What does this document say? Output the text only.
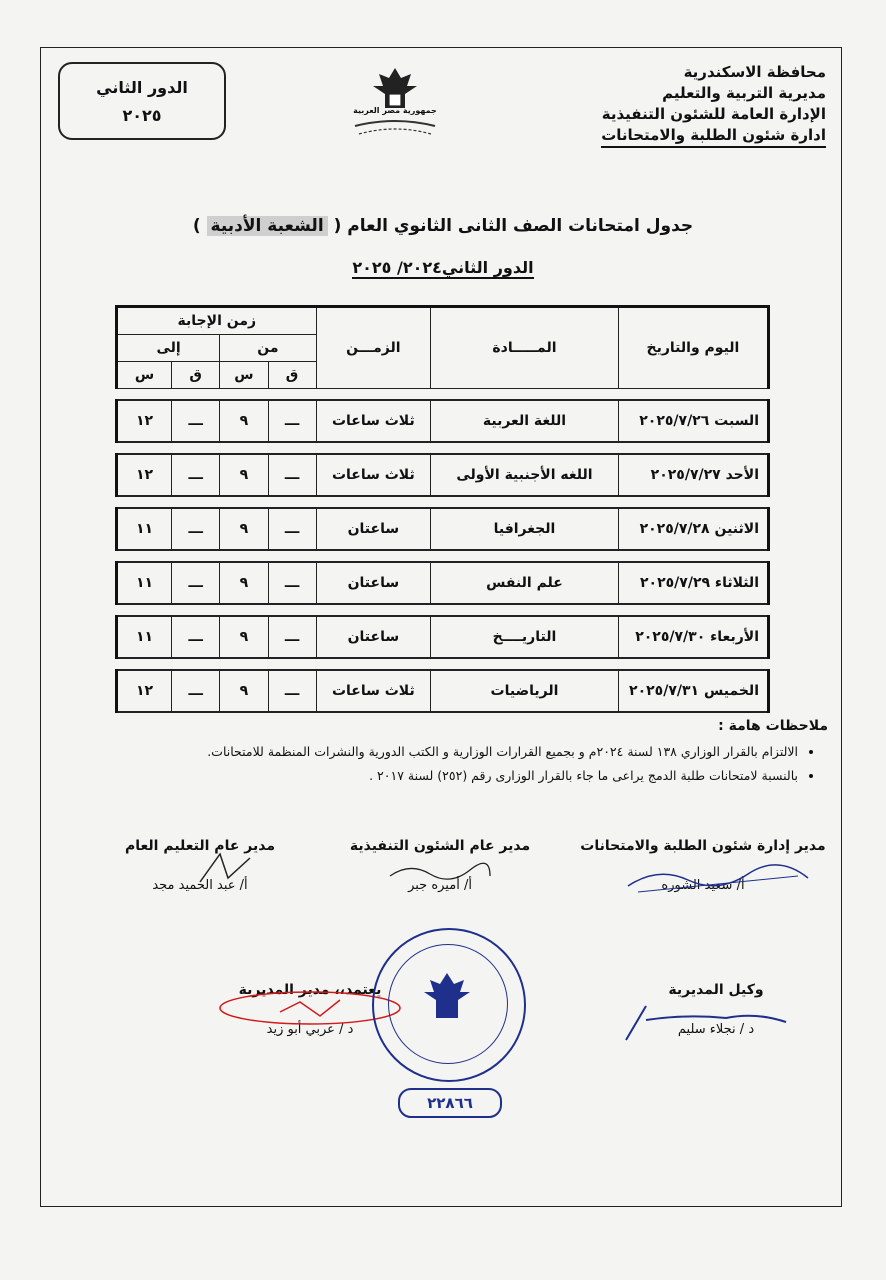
محافظة الاسكندرية
مديرية التربية والتعليم
الإدارة العامة للشئون التنفيذية
ادارة شئون الطلبة والامتحانات
جمهورية مصر العربية
الدور الثاني
٢٠٢٥
جدول امتحانات الصف الثانى الثانوي العام ( الشعبة الأدبية )
الدور الثاني٢٠٢٤/ ٢٠٢٥
اليوم والتاريخ	المـــــادة	الزمـــن	زمن الإجابة			
			من		إلى	
			ق	س	ق	س

السبت ٢٠٢٥/٧/٢٦	اللغة العربية	ثلاث ساعات	ـــ	٩	ـــ	١٢

الأحد ٢٠٢٥/٧/٢٧	اللغه الأجنبية الأولى	ثلاث ساعات	ـــ	٩	ـــ	١٢

الاثنين ٢٠٢٥/٧/٢٨	الجغرافيا	ساعتان	ـــ	٩	ـــ	١١

الثلاثاء ٢٠٢٥/٧/٢٩	علم النفس	ساعتان	ـــ	٩	ـــ	١١

الأربعاء ٢٠٢٥/٧/٣٠	التاريــــخ	ساعتان	ـــ	٩	ـــ	١١

الخميس ٢٠٢٥/٧/٣١	الرياضيات	ثلاث ساعات	ـــ	٩	ـــ	١٢
ملاحظات هامة :
• الالتزام بالقرار الوزاري ١٣٨ لسنة ٢٠٢٤م و بجميع القرارات الوزارية و الكتب الدورية والنشرات المنظمة للامتحانات.
• بالنسبة لامتحانات طلبة الدمج يراعى ما جاء بالقرار الوزارى رقم (٢٥٢) لسنة ٢٠١٧ .
مدير إدارة شئون الطلبة والامتحانات
أ/ سعيد الشوره
مدير عام الشئون التنفيذية
أ/ أميره جبر
مدير عام التعليم العام
أ/ عبد الحميد مجد
وكيل المديرية
د / نجلاء سليم
يعتمد،، مدير المديرية
د / عربي أبو زيد
٢٢٨٦٦
